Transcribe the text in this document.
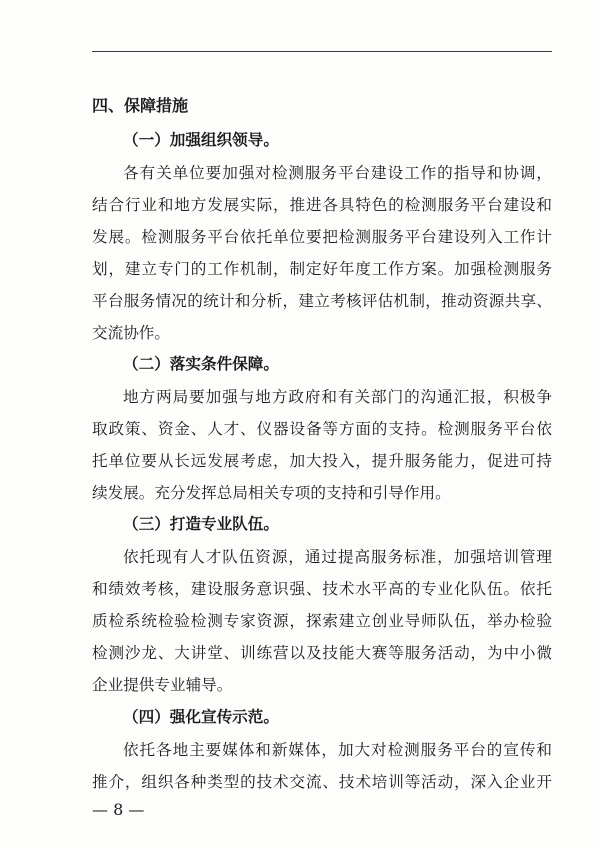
四、保障措施
（一）加强组织领导。
各有关单位要加强对检测服务平台建设工作的指导和协调，
结合行业和地方发展实际，推进各具特色的检测服务平台建设和
发展。检测服务平台依托单位要把检测服务平台建设列入工作计
划，建立专门的工作机制，制定好年度工作方案。加强检测服务
平台服务情况的统计和分析，建立考核评估机制，推动资源共享、
交流协作。
（二）落实条件保障。
地方两局要加强与地方政府和有关部门的沟通汇报，积极争
取政策、资金、人才、仪器设备等方面的支持。检测服务平台依
托单位要从长远发展考虑，加大投入，提升服务能力，促进可持
续发展。充分发挥总局相关专项的支持和引导作用。
（三）打造专业队伍。
依托现有人才队伍资源，通过提高服务标准，加强培训管理
和绩效考核，建设服务意识强、技术水平高的专业化队伍。依托
质检系统检验检测专家资源，探索建立创业导师队伍，举办检验
检测沙龙、大讲堂、训练营以及技能大赛等服务活动，为中小微
企业提供专业辅导。
（四）强化宣传示范。
依托各地主要媒体和新媒体，加大对检测服务平台的宣传和
推介，组织各种类型的技术交流、技术培训等活动，深入企业开
— 8 —
